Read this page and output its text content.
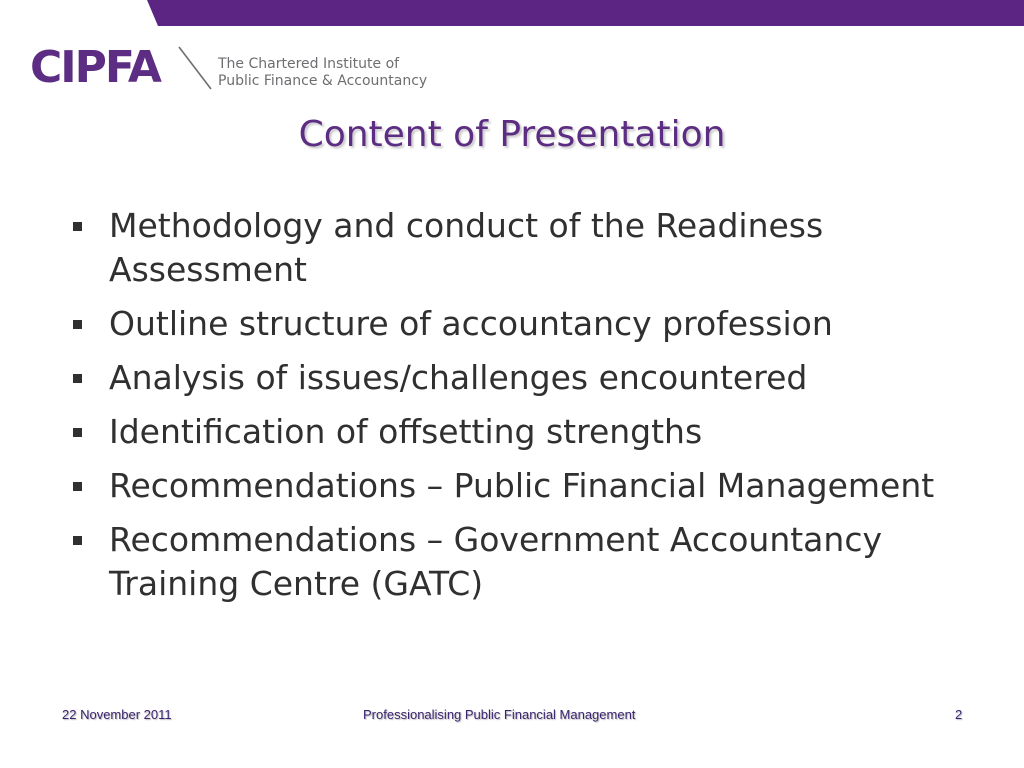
CIPFA	The Chartered Institute of
Public Finance & Accountancy
Content of Presentation
Methodology and conduct of the Readiness Assessment
Outline structure of accountancy profession
Analysis of issues/challenges encountered
Identification of offsetting strengths
Recommendations – Public Financial Management
Recommendations – Government Accountancy Training Centre (GATC)
22 November 2011	Professionalising Public Financial Management	2
